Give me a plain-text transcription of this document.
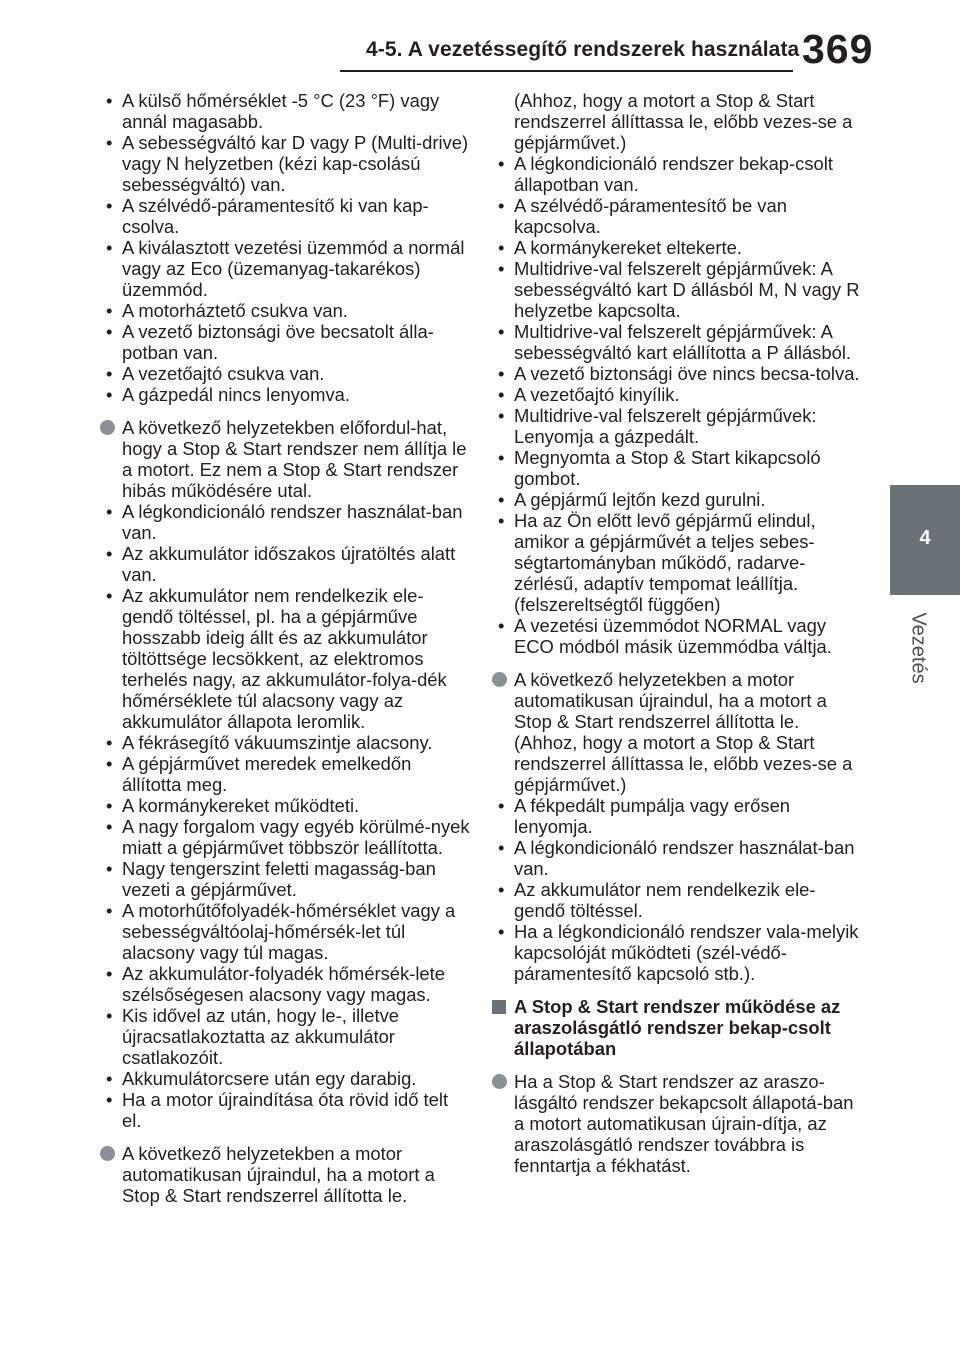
4-5. A vezetéssegítő rendszerek használata 369
4
Vezetés
• A külső hőmérséklet -5 °C (23 °F) vagy annál magasabb.
• A sebességváltó kar D vagy P (Multi-drive) vagy N helyzetben (kézi kap-csolású sebességváltó) van.
• A szélvédő-páramentesítő ki van kap-csolva.
• A kiválasztott vezetési üzemmód a normál vagy az Eco (üzemanyag-takarékos) üzemmód.
• A motorháztető csukva van.
• A vezető biztonsági öve becsatolt álla-potban van.
• A vezetőajtó csukva van.
• A gázpedál nincs lenyomva.
A következő helyzetekben előfordul-hat, hogy a Stop & Start rendszer nem állítja le a motort. Ez nem a Stop & Start rendszer hibás működésére utal.
• A légkondicionáló rendszer használat-ban van.
• Az akkumulátor időszakos újratöltés alatt van.
• Az akkumulátor nem rendelkezik ele-gendő töltéssel, pl. ha a gépjárműve hosszabb ideig állt és az akkumulátor töltöttsége lecsökkent, az elektromos terhelés nagy, az akkumulátor-folya-dék hőmérséklete túl alacsony vagy az akkumulátor állapota leromlik.
• A fékrásegítő vákuumszintje alacsony.
• A gépjárművet meredek emelkedőn állította meg.
• A kormánykereket működteti.
• A nagy forgalom vagy egyéb körülmé-nyek miatt a gépjárművet többször leállította.
• Nagy tengerszint feletti magasság-ban vezeti a gépjárművet.
• A motorhűtőfolyadék-hőmérséklet vagy a sebességváltóolaj-hőmérsék-let túl alacsony vagy túl magas.
• Az akkumulátor-folyadék hőmérsék-lete szélsőségesen alacsony vagy magas.
• Kis idővel az után, hogy le-, illetve újracsatlakoztatta az akkumulátor csatlakozóit.
• Akkumulátorcsere után egy darabig.
• Ha a motor újraindítása óta rövid idő telt el.
A következő helyzetekben a motor automatikusan újraindul, ha a motort a Stop & Start rendszerrel állította le.
(Ahhoz, hogy a motort a Stop & Start rendszerrel állíttassa le, előbb vezes-se a gépjárművet.)
• A légkondicionáló rendszer bekap-csolt állapotban van.
• A szélvédő-páramentesítő be van kapcsolva.
• A kormánykereket eltekerte.
• Multidrive-val felszerelt gépjárművek: A sebességváltó kart D állásból M, N vagy R helyzetbe kapcsolta.
• Multidrive-val felszerelt gépjárművek: A sebességváltó kart elállította a P állásból.
• A vezető biztonsági öve nincs becsa-tolva.
• A vezetőajtó kinyílik.
• Multidrive-val felszerelt gépjárművek: Lenyomja a gázpedált.
• Megnyomta a Stop & Start kikapcsoló gombot.
• A gépjármű lejtőn kezd gurulni.
• Ha az Ön előtt levő gépjármű elindul, amikor a gépjárművét a teljes sebes-ségtartományban működő, radarve-zérlésű, adaptív tempomat leállítja. (felszereltségtől függően)
• A vezetési üzemmódot NORMAL vagy ECO módból másik üzemmódba váltja.
A következő helyzetekben a motor automatikusan újraindul, ha a motort a Stop & Start rendszerrel állította le. (Ahhoz, hogy a motort a Stop & Start rendszerrel állíttassa le, előbb vezes-se a gépjárművet.)
• A fékpedált pumpálja vagy erősen lenyomja.
• A légkondicionáló rendszer használat-ban van.
• Az akkumulátor nem rendelkezik ele-gendő töltéssel.
• Ha a légkondicionáló rendszer vala-melyik kapcsolóját működteti (szél-védő-páramentesítő kapcsoló stb.).
A Stop & Start rendszer működése az araszolásgátló rendszer bekap-csolt állapotában
Ha a Stop & Start rendszer az araszo-lásgáltó rendszer bekapcsolt állapotá-ban a motort automatikusan újrain-dítja, az araszolásgátló rendszer továbbra is fenntartja a fékhatást.
